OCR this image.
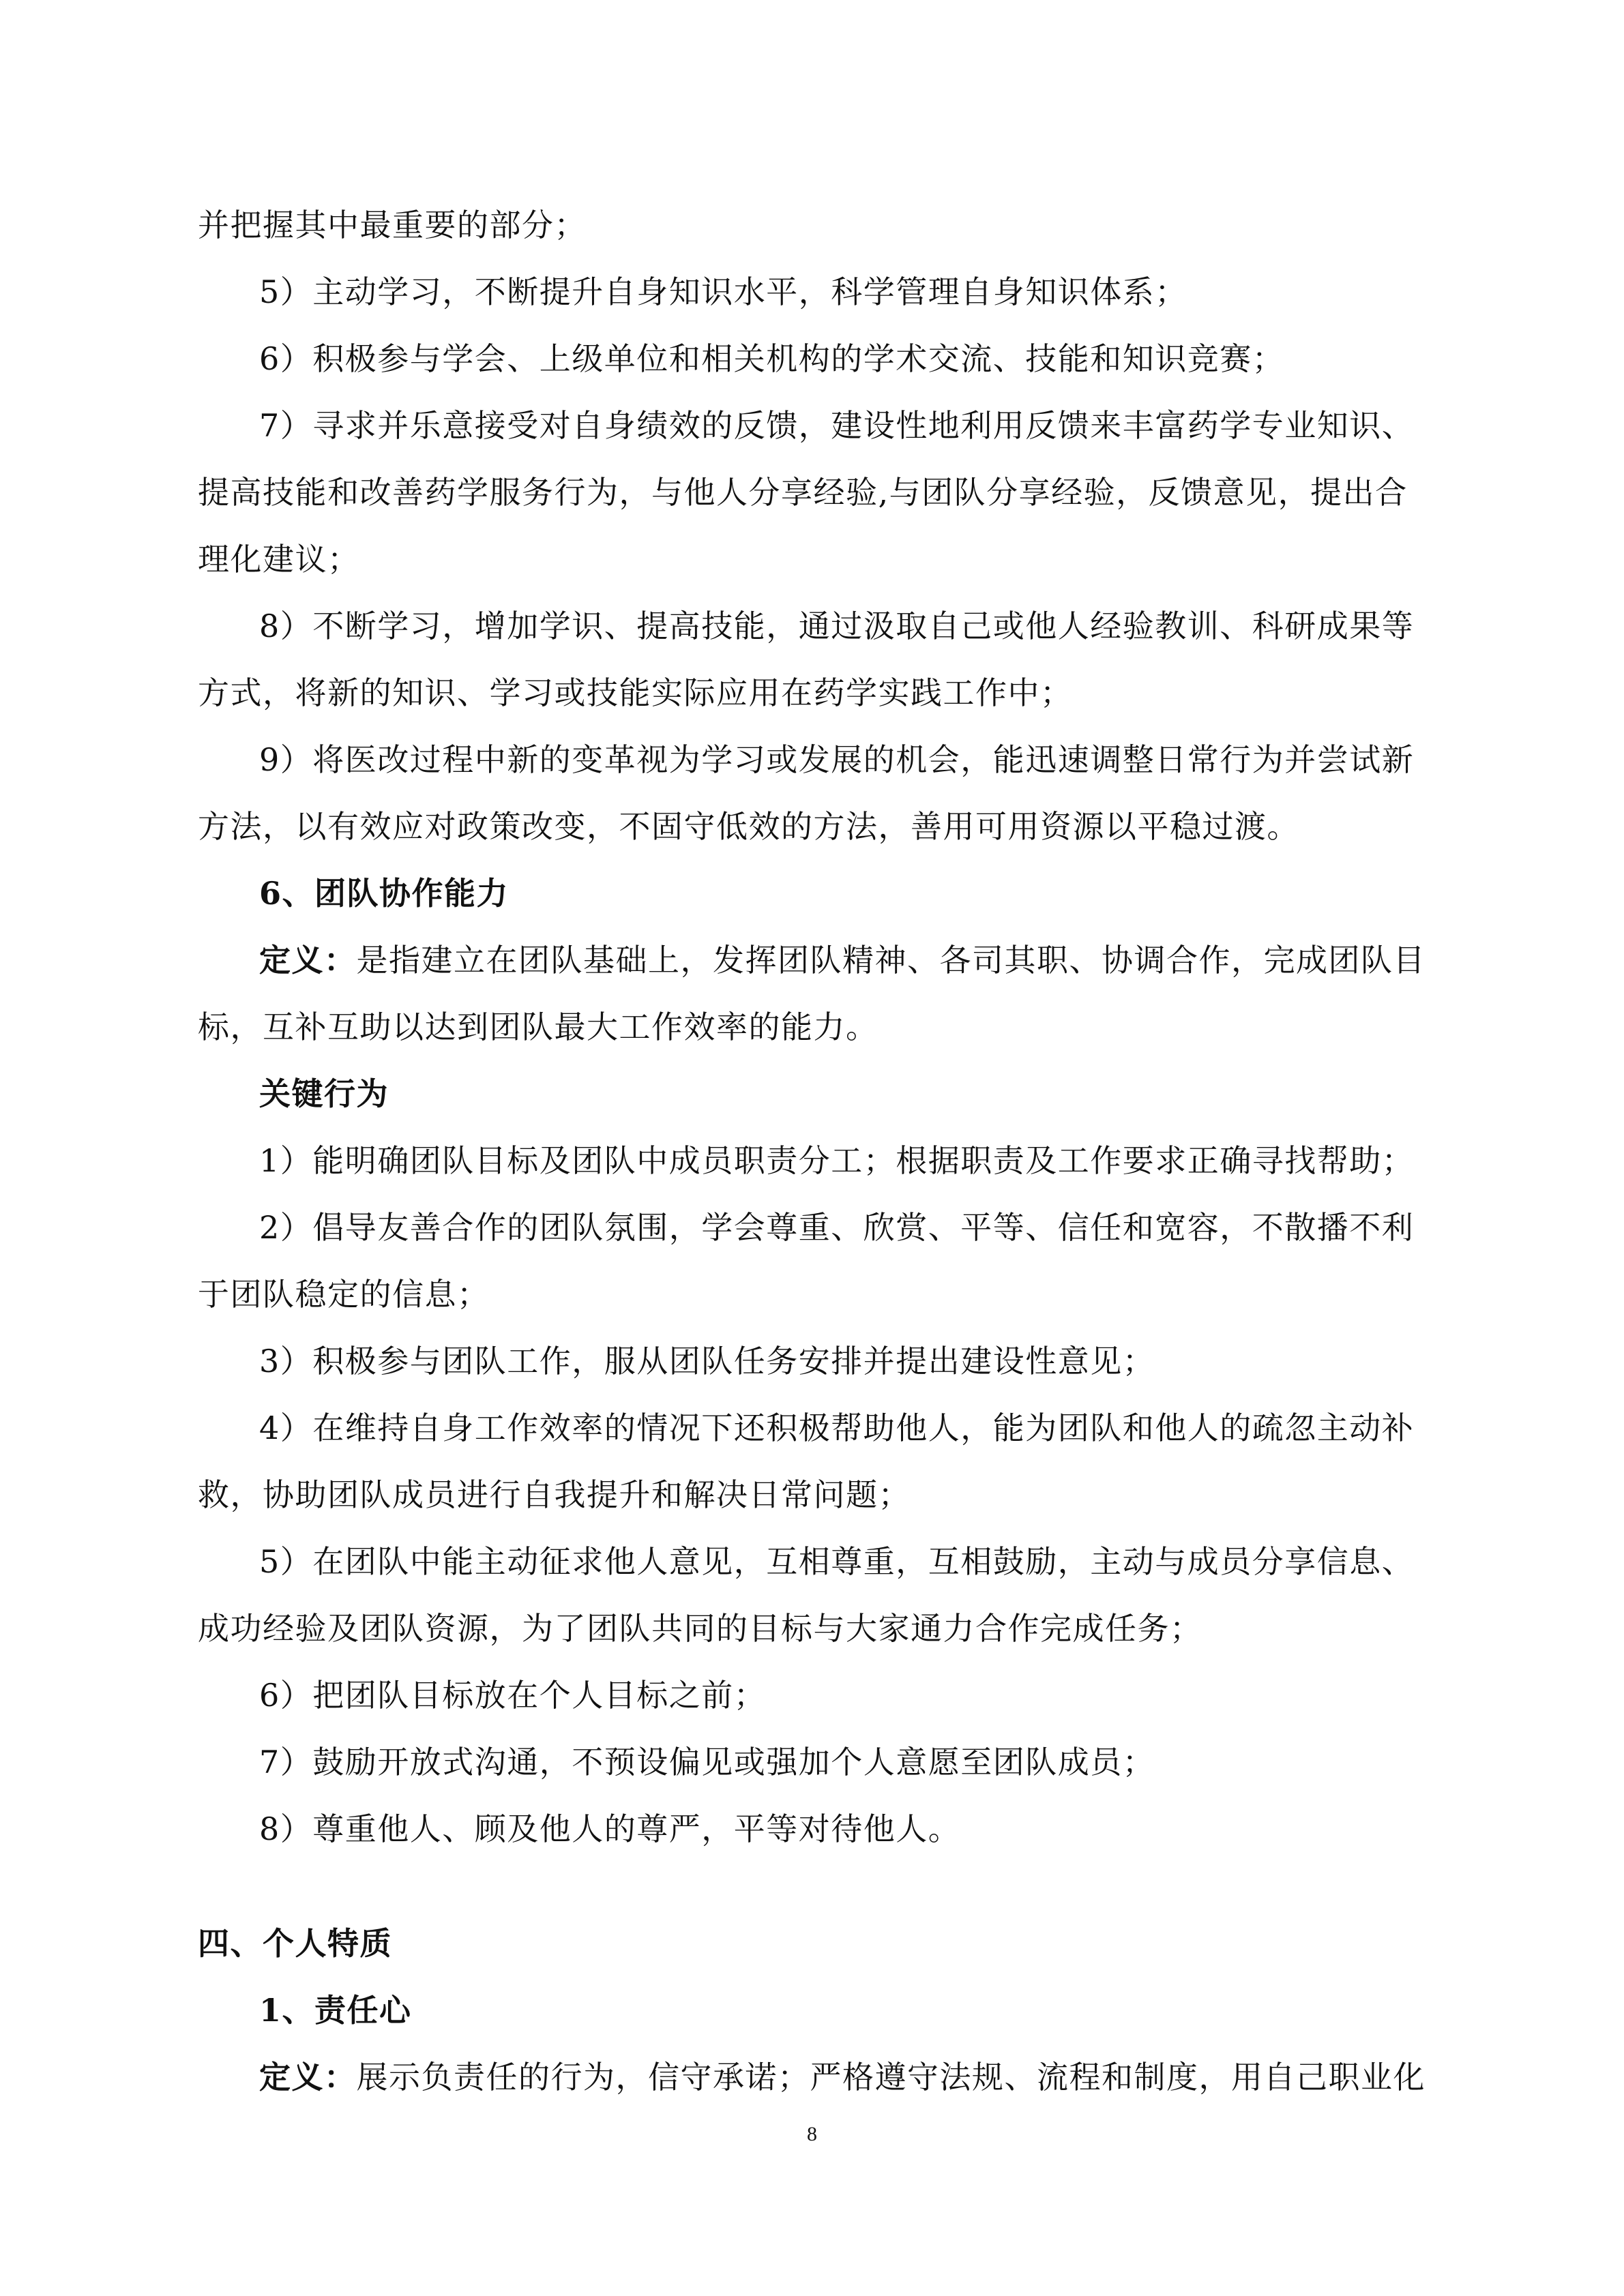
并把握其中最重要的部分；
5）主动学习，不断提升自身知识水平，科学管理自身知识体系；
6）积极参与学会、上级单位和相关机构的学术交流、技能和知识竞赛；
7）寻求并乐意接受对自身绩效的反馈，建设性地利用反馈来丰富药学专业知识、
提高技能和改善药学服务行为，与他人分享经验,与团队分享经验，反馈意见，提出合
理化建议；
8）不断学习，增加学识、提高技能，通过汲取自己或他人经验教训、科研成果等
方式，将新的知识、学习或技能实际应用在药学实践工作中；
9）将医改过程中新的变革视为学习或发展的机会，能迅速调整日常行为并尝试新
方法，以有效应对政策改变，不固守低效的方法，善用可用资源以平稳过渡。
6、团队协作能力
定义：是指建立在团队基础上，发挥团队精神、各司其职、协调合作，完成团队目
标，互补互助以达到团队最大工作效率的能力。
关键行为
1）能明确团队目标及团队中成员职责分工；根据职责及工作要求正确寻找帮助；
2）倡导友善合作的团队氛围，学会尊重、欣赏、平等、信任和宽容，不散播不利
于团队稳定的信息；
3）积极参与团队工作，服从团队任务安排并提出建设性意见；
4）在维持自身工作效率的情况下还积极帮助他人，能为团队和他人的疏忽主动补
救，协助团队成员进行自我提升和解决日常问题；
5）在团队中能主动征求他人意见，互相尊重，互相鼓励，主动与成员分享信息、
成功经验及团队资源，为了团队共同的目标与大家通力合作完成任务；
6）把团队目标放在个人目标之前；
7）鼓励开放式沟通，不预设偏见或强加个人意愿至团队成员；
8）尊重他人、顾及他人的尊严，平等对待他人。
四、个人特质
1、责任心
定义：展示负责任的行为，信守承诺；严格遵守法规、流程和制度，用自己职业化
8
